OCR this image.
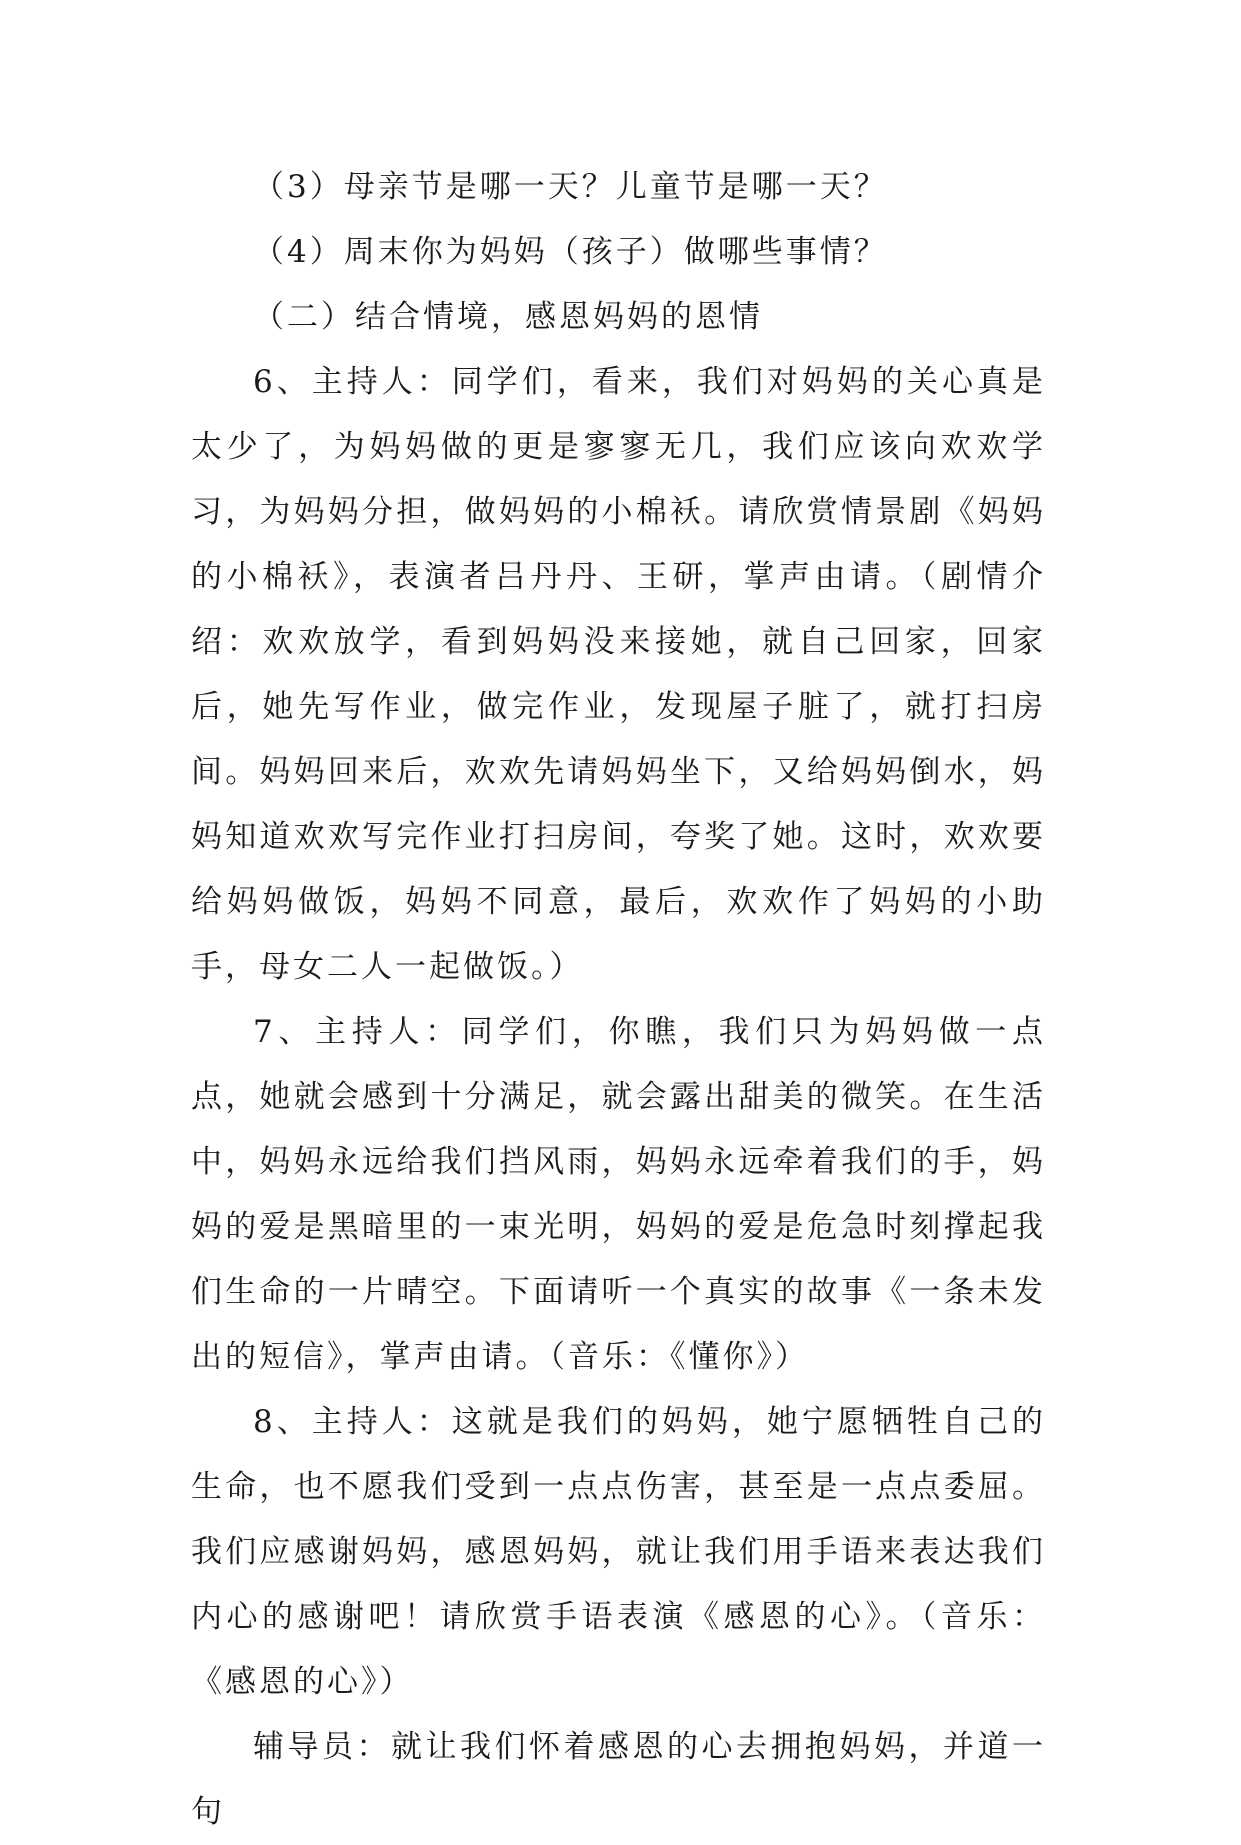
（3）母亲节是哪一天？儿童节是哪一天？

（4）周末你为妈妈（孩子）做哪些事情？

（二）结合情境，感恩妈妈的恩情

6、主持人：同学们，看来，我们对妈妈的关心真是太少了，为妈妈做的更是寥寥无几，我们应该向欢欢学习，为妈妈分担，做妈妈的小棉袄。请欣赏情景剧《妈妈的小棉袄》，表演者吕丹丹、王研，掌声由请。（剧情介绍：欢欢放学，看到妈妈没来接她，就自己回家，回家后，她先写作业，做完作业，发现屋子脏了，就打扫房间。妈妈回来后，欢欢先请妈妈坐下，又给妈妈倒水，妈妈知道欢欢写完作业打扫房间，夸奖了她。这时，欢欢要给妈妈做饭，妈妈不同意，最后，欢欢作了妈妈的小助手，母女二人一起做饭。）

7、主持人：同学们，你瞧，我们只为妈妈做一点点，她就会感到十分满足，就会露出甜美的微笑。在生活中，妈妈永远给我们挡风雨，妈妈永远牵着我们的手，妈妈的爱是黑暗里的一束光明，妈妈的爱是危急时刻撑起我们生命的一片晴空。下面请听一个真实的故事《一条未发出的短信》，掌声由请。（音乐：《懂你》）

8、主持人：这就是我们的妈妈，她宁愿牺牲自己的生命，也不愿我们受到一点点伤害，甚至是一点点委屈。我们应感谢妈妈，感恩妈妈，就让我们用手语来表达我们内心的感谢吧！请欣赏手语表演《感恩的心》。（音乐：《感恩的心》）

辅导员：就让我们怀着感恩的心去拥抱妈妈，并道一句
